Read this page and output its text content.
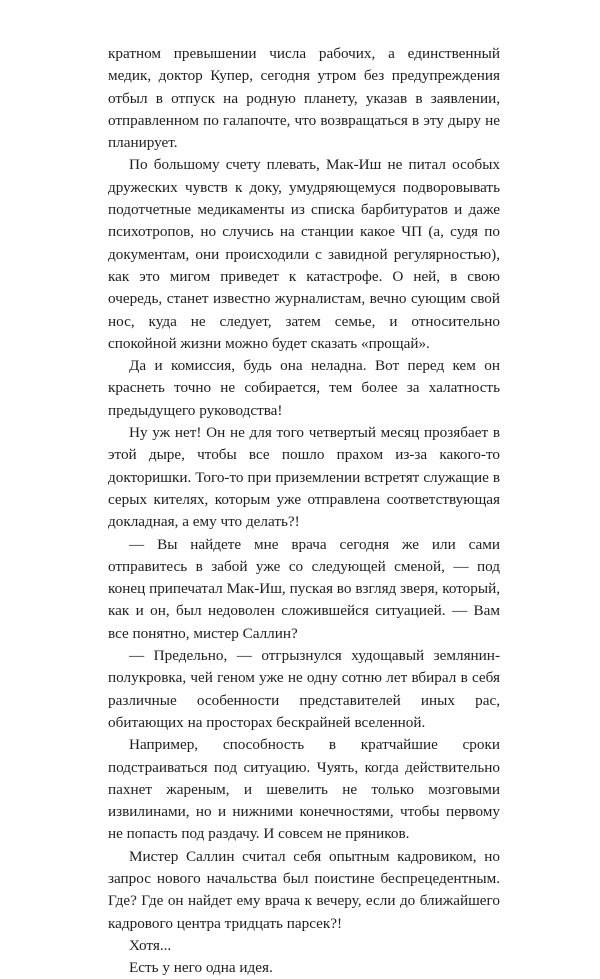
кратном превышении числа рабочих, а единственный медик, доктор Купер, сегодня утром без предупреждения отбыл в отпуск на родную планету, указав в заявлении, отправленном по галапочте, что возвращаться в эту дыру не планирует.

По большому счету плевать, Мак-Иш не питал особых дружеских чувств к доку, умудряющемуся подворовывать подотчетные медикаменты из списка барбитуратов и даже психотропов, но случись на станции какое ЧП (а, судя по документам, они происходили с завидной регулярностью), как это мигом приведет к катастрофе. О ней, в свою очередь, станет известно журналистам, вечно сующим свой нос, куда не следует, затем семье, и относительно спокойной жизни можно будет сказать «прощай».

Да и комиссия, будь она неладна. Вот перед кем он краснеть точно не собирается, тем более за халатность предыдущего руководства!

Ну уж нет! Он не для того четвертый месяц прозябает в этой дыре, чтобы все пошло прахом из-за какого-то докторишки. Того-то при приземлении встретят служащие в серых кителях, которым уже отправлена соответствующая докладная, а ему что делать?!

— Вы найдете мне врача сегодня же или сами отправитесь в забой уже со следующей сменой, — под конец припечатал Мак-Иш, пуская во взгляд зверя, который, как и он, был недоволен сложившейся ситуацией. — Вам все понятно, мистер Саллин?

— Предельно, — отгрызнулся худощавый землянин-полукровка, чей геном уже не одну сотню лет вбирал в себя различные особенности представителей иных рас, обитающих на просторах бескрайней вселенной.

Например, способность в кратчайшие сроки подстраиваться под ситуацию. Чуять, когда действительно пахнет жареным, и шевелить не только мозговыми извилинами, но и нижними конечностями, чтобы первому не попасть под раздачу. И совсем не пряников.

Мистер Саллин считал себя опытным кадровиком, но запрос нового начальства был поистине беспрецедентным. Где? Где он найдет ему врача к вечеру, если до ближайшего кадрового центра тридцать парсек?!

Хотя...

Есть у него одна идея.
